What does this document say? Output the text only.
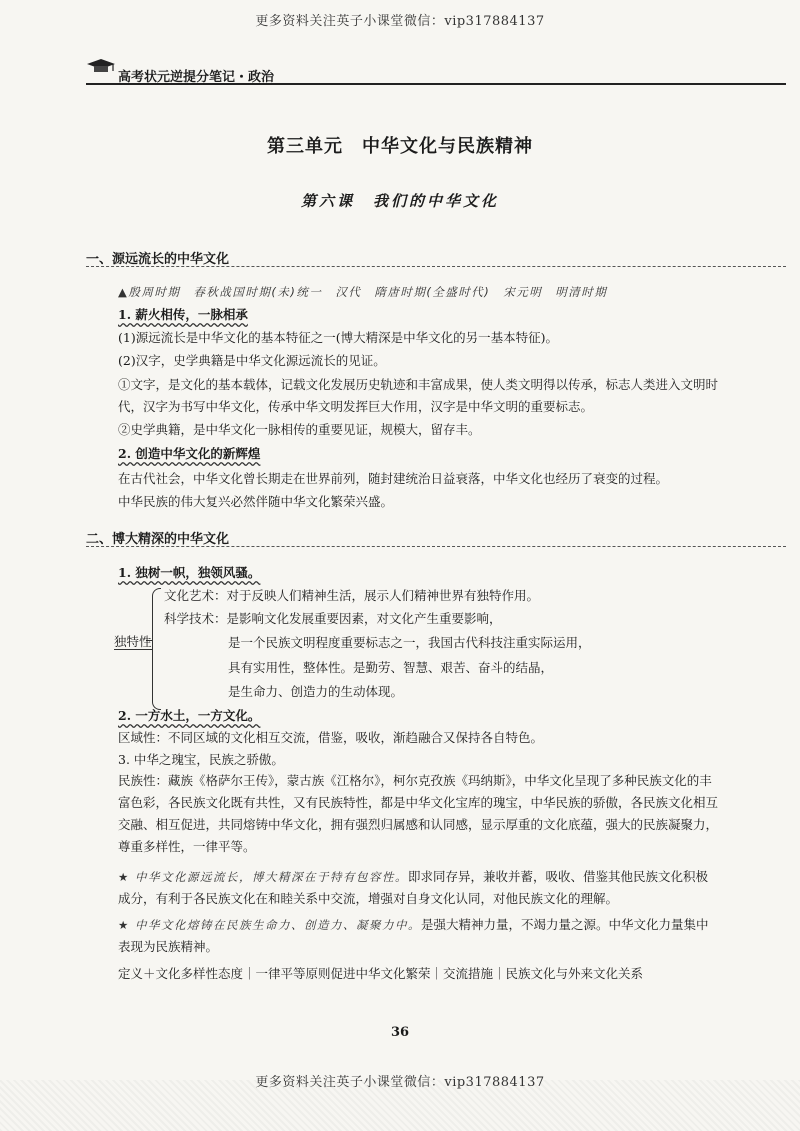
更多资料关注英子小课堂微信：vip317884137
高考状元逆提分笔记・政治
第三单元　中华文化与民族精神
第六课　我们的中华文化
一、源远流长的中华文化
▲殷周时期　春秋战国时期(未)统一　汉代　隋唐时期(全盛时代)　宋元明　明清时期
1. 薪火相传，一脉相承
(1)源远流长是中华文化的基本特征之一(博大精深是中华文化的另一基本特征)。
(2)汉字，史学典籍是中华文化源远流长的见证。
①文字，是文化的基本载体，记载文化发展历史轨迹和丰富成果，使人类文明得以传承，标志人类进入文明时代，汉字为书写中华文化，传承中华文明发挥巨大作用，汉字是中华文明的重要标志。
②史学典籍，是中华文化一脉相传的重要见证，规模大，留存丰。
2. 创造中华文化的新辉煌
在古代社会，中华文化曾长期走在世界前列，随封建统治日益衰落，中华文化也经历了衰变的过程。
中华民族的伟大复兴必然伴随中华文化繁荣兴盛。
二、博大精深的中华文化
1. 独树一帜，独领风骚。
独特性
文化艺术：对于反映人们精神生活，展示人们精神世界有独特作用。
科学技术：是影响文化发展重要因素，对文化产生重要影响，
是一个民族文明程度重要标志之一，我国古代科技注重实际运用，
具有实用性，整体性。是勤劳、智慧、艰苦、奋斗的结晶，
是生命力、创造力的生动体现。
2. 一方水土，一方文化。
区域性：不同区域的文化相互交流，借鉴，吸收，渐趋融合又保持各自特色。
3. 中华之瑰宝，民族之骄傲。
民族性：藏族《格萨尔王传》，蒙古族《江格尔》，柯尔克孜族《玛纳斯》，中华文化呈现了多种民族文化的丰富色彩，各民族文化既有共性，又有民族特性，都是中华文化宝库的瑰宝，中华民族的骄傲，各民族文化相互交融、相互促进，共同熔铸中华文化，拥有强烈归属感和认同感，显示厚重的文化底蕴，强大的民族凝聚力，尊重多样性，一律平等。
★ 中华文化源远流长，博大精深在于特有包容性。即求同存异，兼收并蓄，吸收、借鉴其他民族文化积极成分，有利于各民族文化在和睦关系中交流，增强对自身文化认同，对他民族文化的理解。
★ 中华文化熔铸在民族生命力、创造力、凝聚力中。是强大精神力量，不竭力量之源。中华文化力量集中表现为民族精神。
定义＋文化多样性态度｜一律平等原则促进中华文化繁荣｜交流措施｜民族文化与外来文化关系
36
更多资料关注英子小课堂微信：vip317884137
